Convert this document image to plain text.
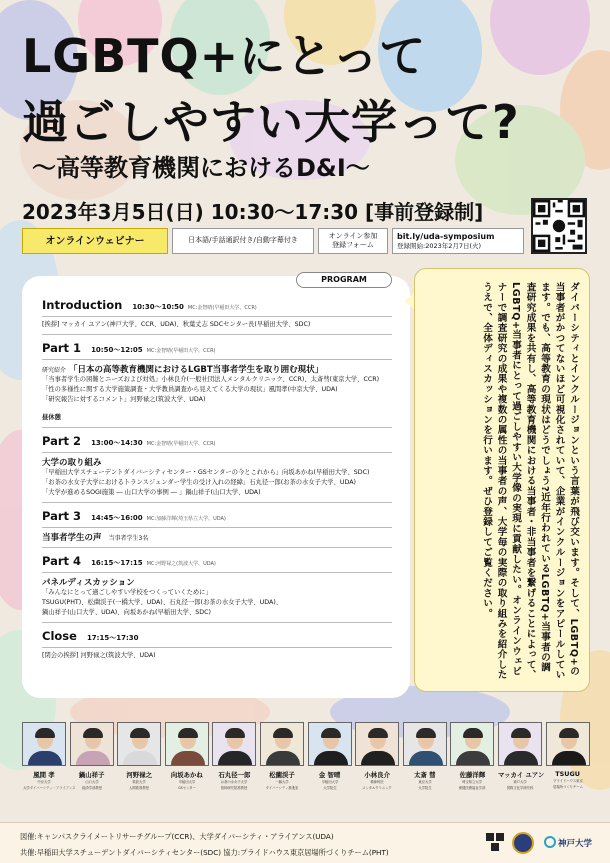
LGBTQ+にとって
過ごしやすい大学って?
〜高等教育機関におけるD&I〜
2023年3月5日(日) 10:30〜17:30 [事前登録制]
オンラインウェビナー	日本語/手話通訳付き/自動字幕付き
オンライン参加
登録フォーム
bit.ly/uda-symposium
登録開始:2023年2月7日(火)
PROGRAM
Introduction 10:30〜10:50 MC:金智晴(早稲田大学、CCR)
[挨拶] マッカイ ユアン(神戸大学、CCR、UDA)、秋葉丈志 SDCセンター長(早稲田大学、SDC)
Part 1 10:50〜12:05 MC:金智晴(早稲田大学、CCR)
研究紹介 「日本の高等教育機関におけるLGBT当事者学生を取り囲む現状」
「当事者学生の困難とニーズおよび対処」小林良介(一般社団法人メンタルクリニック、CCR)、太斎彗(東京大学、CCR)
「性の多様性に関する大学施策調査・大学教員調査から見えてくる大学の現状」風間孝(中京大学、UDA)
「研究報告に対するコメント」河野禄之(筑波大学、UDA)
昼休憩
Part 2 13:00〜14:30 MC:金智晴(早稲田大学、CCR)
大学の取り組み
「早稲田大学スチューデントダイバーシティセンター・GSセンターの今とこれから」向坂あかね(早稲田大学、SDC)
「お茶の水女子大学におけるトランスジェンダー学生の受け入れの経緯」石丸径一郎(お茶の水女子大学、UDA)
「大学が進めるSOGI施策 ― 山口大学の事例 ― 」鍋山祥子(山口大学、UDA)
Part 3 14:45〜16:00 MC:加藤洋輝(埼玉県立大学、UDA)
当事者学生の声 当事者学生3名
Part 4 16:15〜17:15 MC:河野禄之(筑波大学、UDA)
パネルディスカッション
「みんなにとって過ごしやすい学校をつくっていくために」
TSUGU(PHT)、松薗渓子(一橋大学、UDA)、石丸径一郎(お茶の水女子大学、UDA)、
鍋山祥子(山口大学、UDA)、向坂あかね(早稲田大学、SDC)
Close 17:15〜17:30
[閉会の挨拶] 河野禄之(筑波大学、UDA)	ダイバーシティとインクルージョンという言葉が飛び交います。そして、LGBTQ+の当事者がかつてないほど可視化されていて、企業がインクルージョンをアピールしています。でも、高等教育の現状はどうでしょう?近年行われているLGBTQ+当事者の調査研究成果を共有し、高等教育機関における当事者・非当事者を繋げることによって、LGBTQ+当事者にとって過ごしやすい大学像の実現に貢献したい。オンラインウェビナーで調査研究の成果や複数の属性の当事者の声、大学毎の実際の取り組みを紹介したうえで、全体ディスカッションを行います。ぜひ登録してご覧ください。
風間 孝
中京大学
大学ダイバーシティ・アライアンス
鍋山祥子
山口大学
経済学部教授
河野禄之
筑波大学
人間系准教授
向坂あかね
早稲田大学
GSセンター
石丸径一郎
お茶の水女子大学
基幹研究院准教授
松薗渓子
一橋大学
ダイバーシティ推進室
金 智晴
早稲田大学
大学院生
小林良介
精神科医
メンタルクリニック
太斎 彗
東京大学
大学院生
佐藤洋輝
埼玉県立大学
保健医療福祉学部
マッカイ ユアン
神戸大学
国際文化学研究科
TSUGU
プライドハウス東京
居場所づくりチーム
図催:キャンパスクライメートリサーチグループ(CCR)、大学ダイバーシティ・アライアンス(UDA)
共催:早稲田大学スチューデントダイバーシティセンター(SDC) 協力:プライドハウス東京居場所づくりチーム(PHT)
神戸大学
